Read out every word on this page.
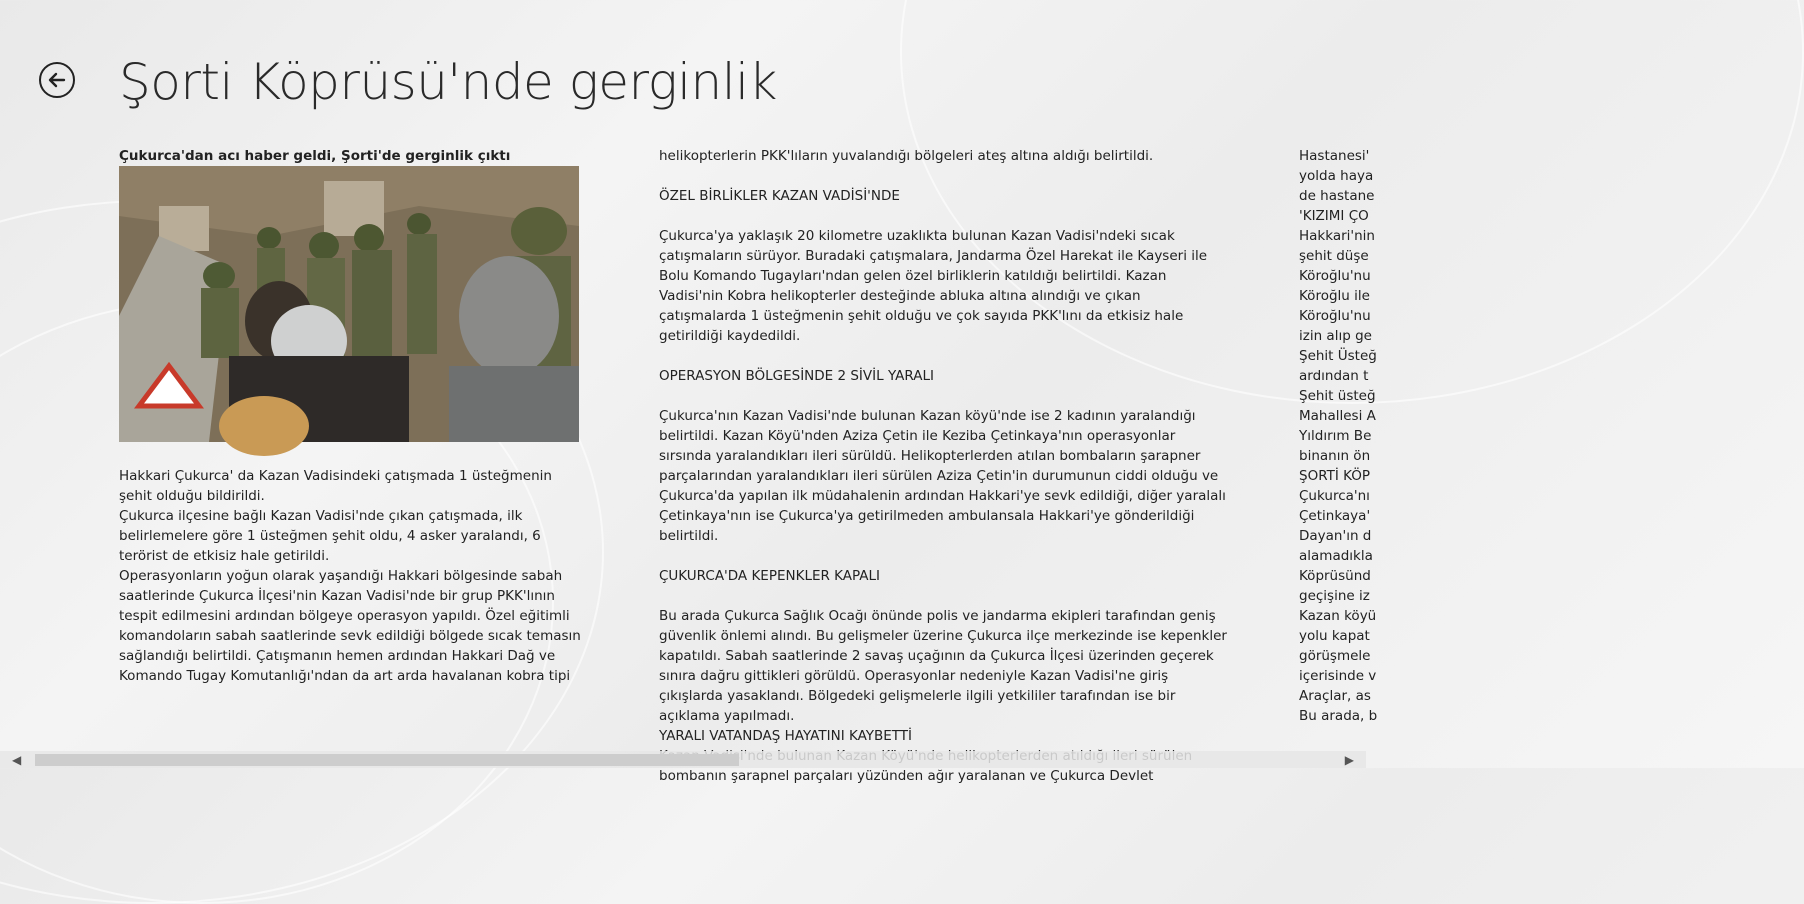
Şorti Köprüsü'nde gerginlik

Çukurca'dan acı haber geldi, Şorti'de gerginlik çıktı

Hakkari Çukurca' da Kazan Vadisindeki çatışmada 1 üsteğmenin şehit olduğu bildirildi.

Çukurca ilçesine bağlı Kazan Vadisi'nde çıkan çatışmada, ilk belirlemelere göre 1 üsteğmen şehit oldu, 4 asker yaralandı, 6 terörist de etkisiz hale getirildi.

Operasyonların yoğun olarak yaşandığı Hakkari bölgesinde sabah saatlerinde Çukurca İlçesi'nin Kazan Vadisi'nde bir grup PKK'lının tespit edilmesini ardından bölgeye operasyon yapıldı. Özel eğitimli komandoların sabah saatlerinde sevk edildiği bölgede sıcak temasın sağlandığı belirtildi. Çatışmanın hemen ardından Hakkari Dağ ve Komando Tugay Komutanlığı'ndan da art arda havalanan kobra tipi

helikopterlerin PKK'lıların yuvalandığı bölgeleri ateş altına aldığı belirtildi.

ÖZEL BİRLİKLER KAZAN VADİSİ'NDE

Çukurca'ya yaklaşık 20 kilometre uzaklıkta bulunan Kazan Vadisi'ndeki sıcak çatışmaların sürüyor. Buradaki çatışmalara, Jandarma Özel Harekat ile Kayseri ile Bolu Komando Tugayları'ndan gelen özel birliklerin katıldığı belirtildi. Kazan Vadisi'nin Kobra helikopterler desteğinde abluka altına alındığı ve çıkan çatışmalarda 1 üsteğmenin şehit olduğu ve çok sayıda PKK'lını da etkisiz hale getirildiği kaydedildi.

OPERASYON BÖLGESİNDE 2 SİVİL YARALI

Çukurca'nın Kazan Vadisi'nde bulunan Kazan köyü'nde ise 2 kadının yaralandığı belirtildi. Kazan Köyü'nden Aziza Çetin ile Keziba Çetinkaya'nın operasyonlar sırsında yaralandıkları ileri sürüldü. Helikopterlerden atılan bombaların şarapner parçalarından yaralandıkları ileri sürülen Aziza Çetin'in durumunun ciddi olduğu ve Çukurca'da yapılan ilk müdahalenin ardından Hakkari'ye sevk edildiği, diğer yaralalı Çetinkaya'nın ise Çukurca'ya getirilmeden ambulansala Hakkari'ye gönderildiği belirtildi.

ÇUKURCA'DA KEPENKLER KAPALI

Bu arada Çukurca Sağlık Ocağı önünde polis ve jandarma ekipleri tarafından geniş güvenlik önlemi alındı. Bu gelişmeler üzerine Çukurca ilçe merkezinde ise kepenkler kapatıldı. Sabah saatlerinde 2 savaş uçağının da Çukurca İlçesi üzerinden geçerek sınıra dağru gittikleri görüldü. Operasyonlar nedeniyle Kazan Vadisi'ne giriş çıkışlarda yasaklandı. Bölgedeki gelişmelerle ilgili yetkililer tarafından ise bir açıklama yapılmadı.

YARALI VATANDAŞ HAYATINI KAYBETTİ

bombanın şarapnel parçaları yüzünden ağır yaralanan ve Çukurca Devlet

Hastanesi'

yolda haya

de hastane

'KIZIMI ÇO

Hakkari'nin

şehit düşe

Köroğlu'nu

Köroğlu ile

Köroğlu'nu

izin alıp ge

Şehit Üsteğ

ardından t

Şehit üsteğ

Mahallesi A

Yıldırım Be

binanın ön

ŞORTİ KÖP

Çukurca'nı

Çetinkaya'

Dayan'ın d

alamadıkla

Köprüsünd

geçişine iz

Kazan köyü

yolu kapat

görüşmele

içerisinde v

Araçlar, as

Bu arada, b

◀	▶
